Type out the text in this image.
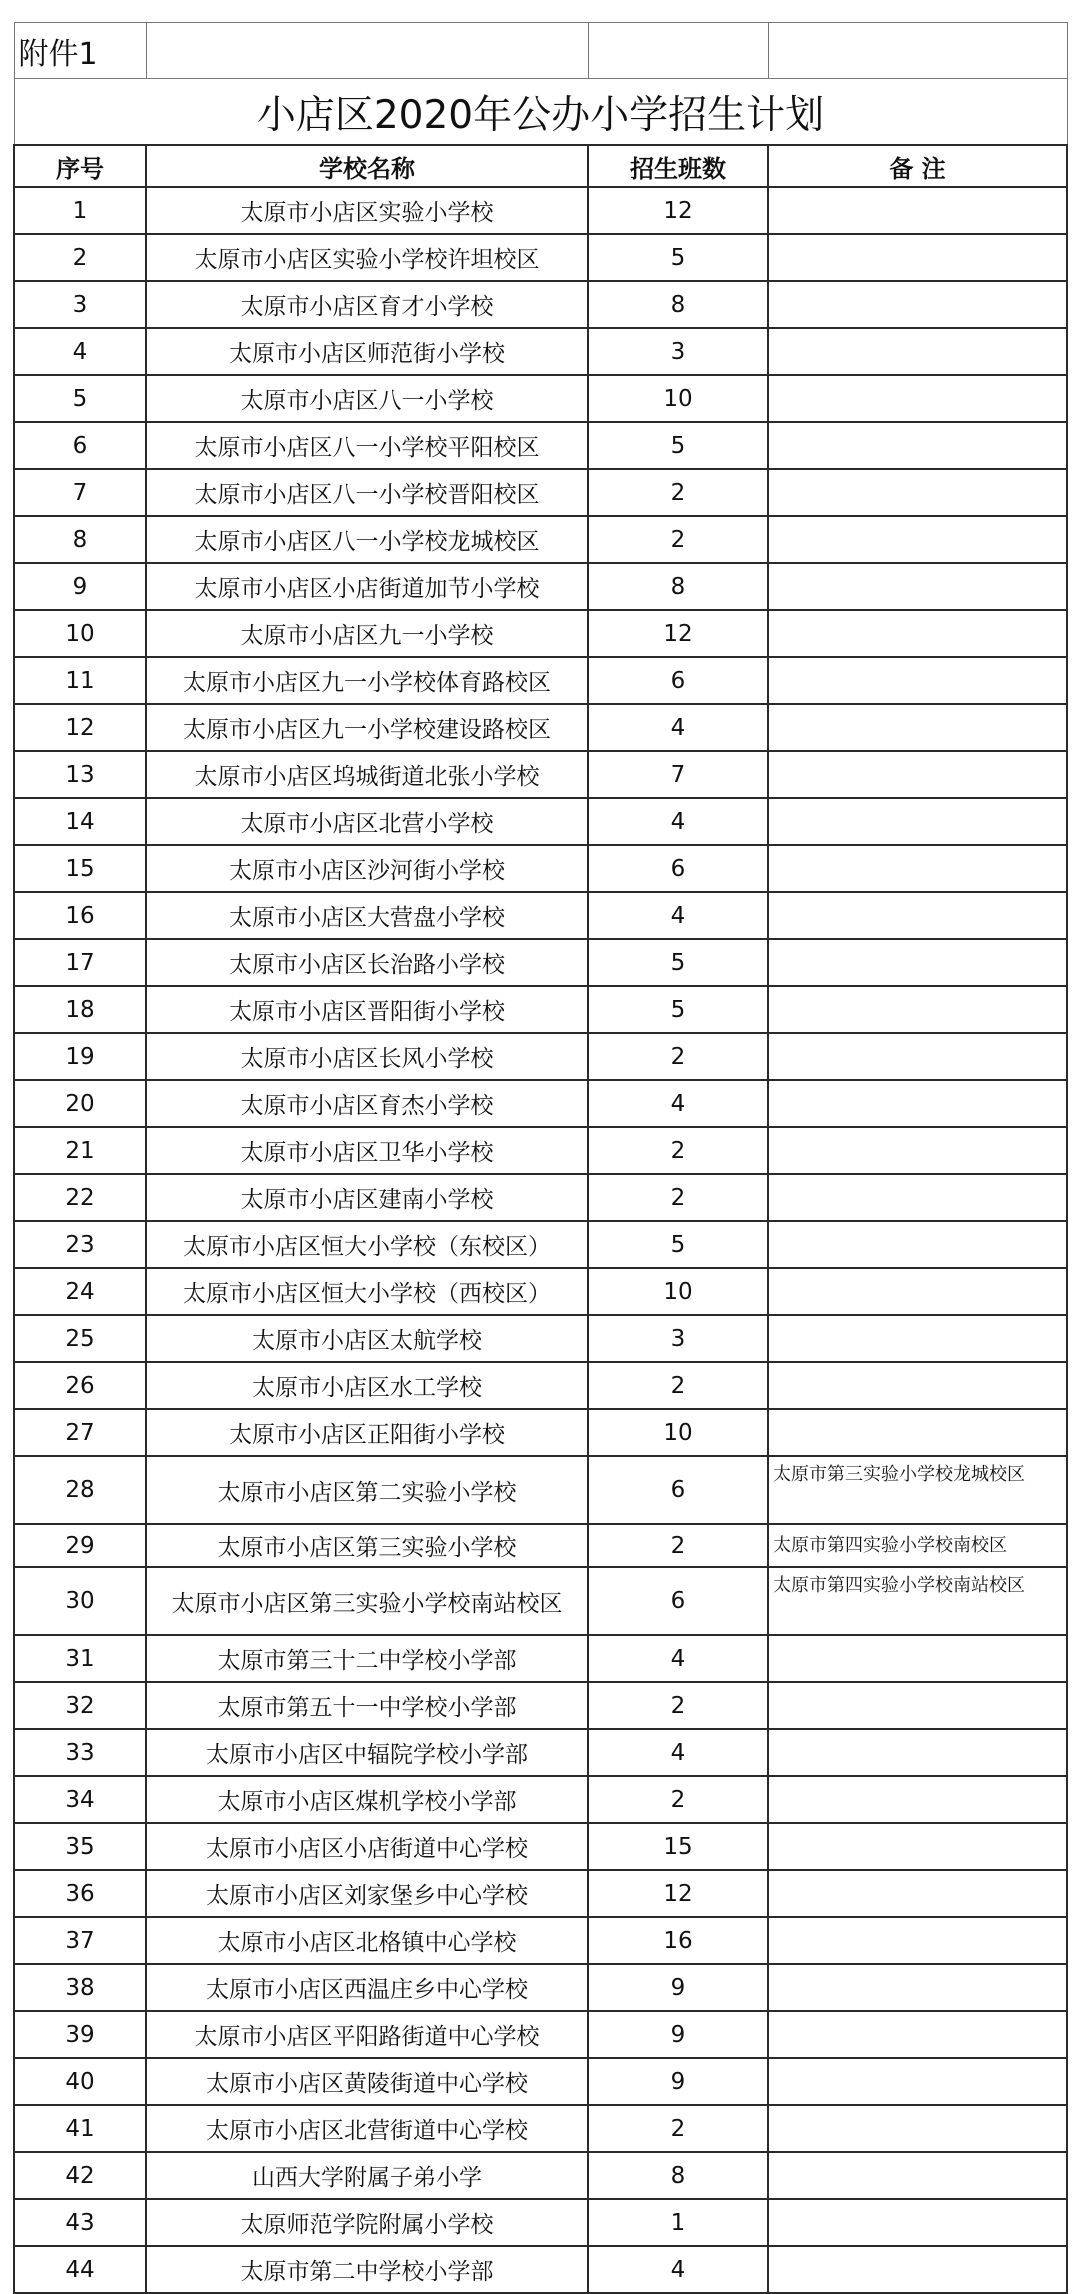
附件1			
小店区2020年公办小学招生计划			
序号	学校名称	招生班数	备 注
1	太原市小店区实验小学校	12	
2	太原市小店区实验小学校许坦校区	5	
3	太原市小店区育才小学校	8	
4	太原市小店区师范街小学校	3	
5	太原市小店区八一小学校	10	
6	太原市小店区八一小学校平阳校区	5	
7	太原市小店区八一小学校晋阳校区	2	
8	太原市小店区八一小学校龙城校区	2	
9	太原市小店区小店街道加节小学校	8	
10	太原市小店区九一小学校	12	
11	太原市小店区九一小学校体育路校区	6	
12	太原市小店区九一小学校建设路校区	4	
13	太原市小店区坞城街道北张小学校	7	
14	太原市小店区北营小学校	4	
15	太原市小店区沙河街小学校	6	
16	太原市小店区大营盘小学校	4	
17	太原市小店区长治路小学校	5	
18	太原市小店区晋阳街小学校	5	
19	太原市小店区长风小学校	2	
20	太原市小店区育杰小学校	4	
21	太原市小店区卫华小学校	2	
22	太原市小店区建南小学校	2	
23	太原市小店区恒大小学校（东校区）	5	
24	太原市小店区恒大小学校（西校区）	10	
25	太原市小店区太航学校	3	
26	太原市小店区水工学校	2	
27	太原市小店区正阳街小学校	10	
28	太原市小店区第二实验小学校	6	太原市第三实验小学校龙城校区
29	太原市小店区第三实验小学校	2	太原市第四实验小学校南校区
30	太原市小店区第三实验小学校南站校区	6	太原市第四实验小学校南站校区
31	太原市第三十二中学校小学部	4	
32	太原市第五十一中学校小学部	2	
33	太原市小店区中辐院学校小学部	4	
34	太原市小店区煤机学校小学部	2	
35	太原市小店区小店街道中心学校	15	
36	太原市小店区刘家堡乡中心学校	12	
37	太原市小店区北格镇中心学校	16	
38	太原市小店区西温庄乡中心学校	9	
39	太原市小店区平阳路街道中心学校	9	
40	太原市小店区黄陵街道中心学校	9	
41	太原市小店区北营街道中心学校	2	
42	山西大学附属子弟小学	8	
43	太原师范学院附属小学校	1	
44	太原市第二中学校小学部	4	
